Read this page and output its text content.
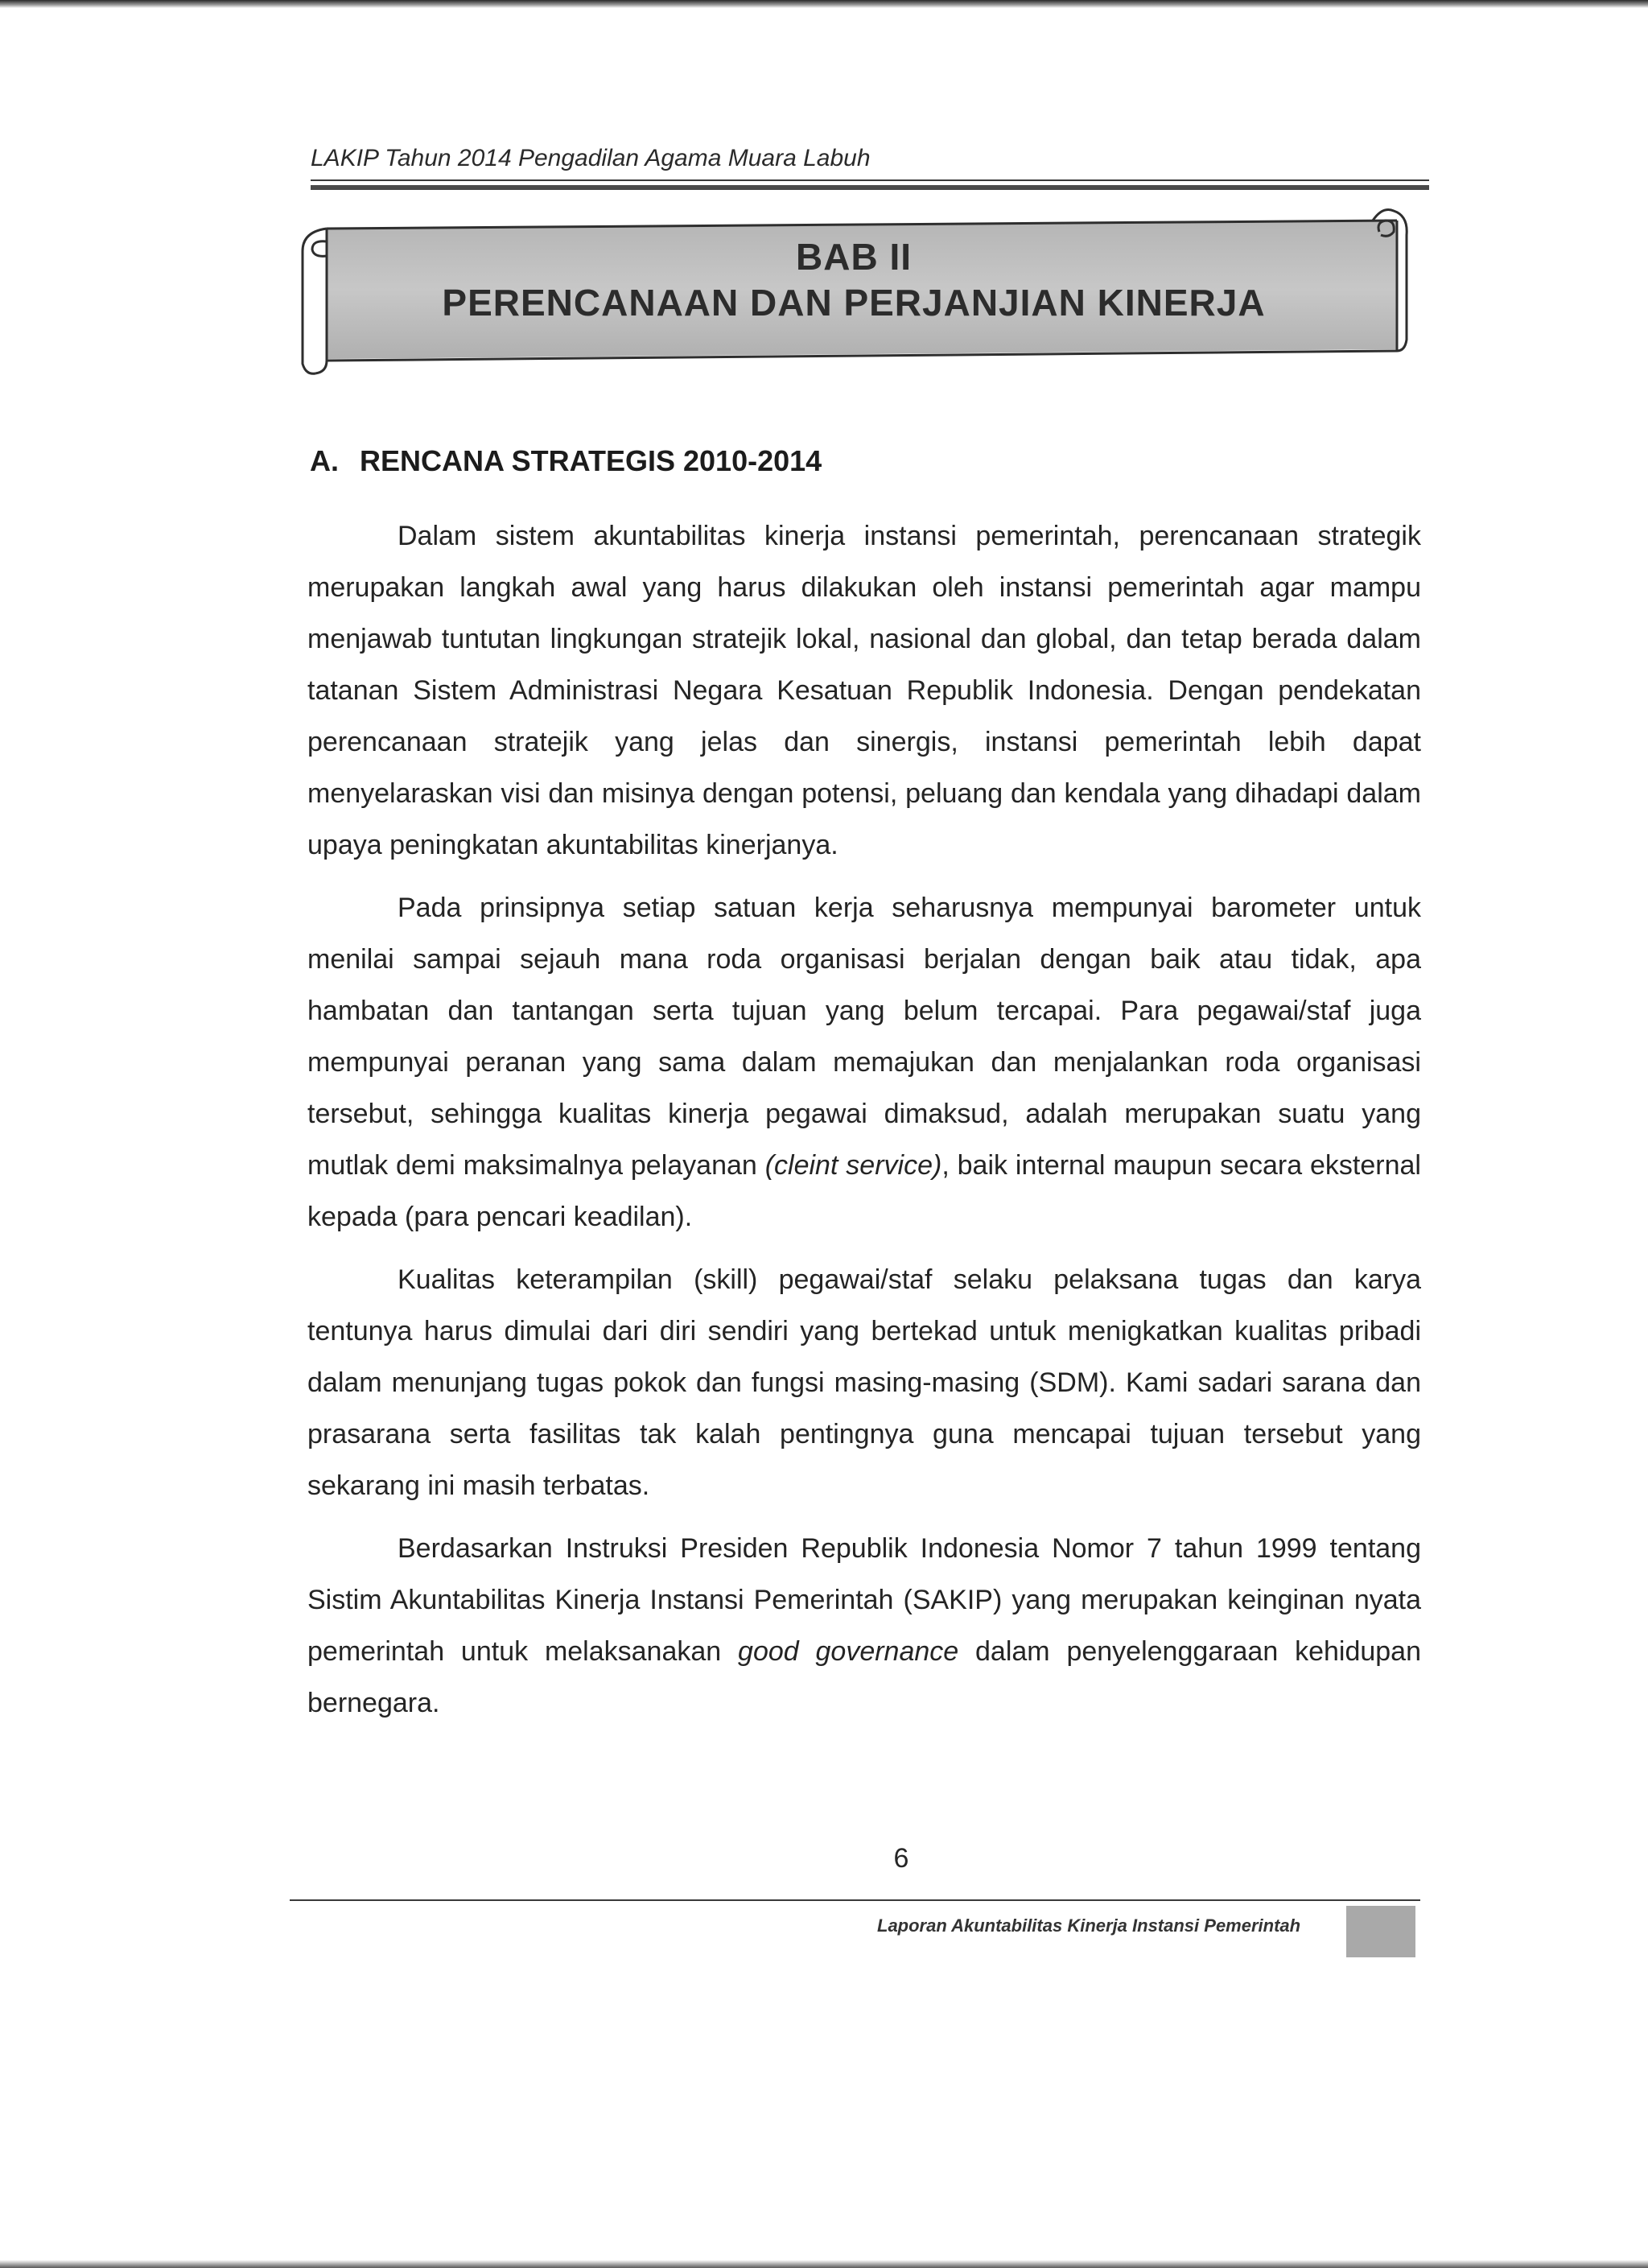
LAKIP Tahun 2014 Pengadilan Agama Muara Labuh
BAB II
PERENCANAAN DAN PERJANJIAN KINERJA
A. RENCANA STRATEGIS 2010-2014

Dalam sistem akuntabilitas kinerja instansi pemerintah, perencanaan strategik merupakan langkah awal yang harus dilakukan oleh instansi pemerintah agar mampu menjawab tuntutan lingkungan stratejik lokal, nasional dan global, dan tetap berada dalam tatanan Sistem Administrasi Negara Kesatuan Republik Indonesia. Dengan pendekatan perencanaan stratejik yang jelas dan sinergis, instansi pemerintah lebih dapat menyelaraskan visi dan misinya dengan potensi, peluang dan kendala yang dihadapi dalam upaya peningkatan akuntabilitas kinerjanya.

Pada prinsipnya setiap satuan kerja seharusnya mempunyai barometer untuk menilai sampai sejauh mana roda organisasi berjalan dengan baik atau tidak, apa hambatan dan tantangan serta tujuan yang belum tercapai. Para pegawai/staf juga mempunyai peranan yang sama dalam memajukan dan menjalankan roda organisasi tersebut, sehingga kualitas kinerja pegawai dimaksud, adalah merupakan suatu yang mutlak demi maksimalnya pelayanan (cleint service), baik internal maupun secara eksternal kepada (para pencari keadilan).

Kualitas keterampilan (skill) pegawai/staf selaku pelaksana tugas dan karya tentunya harus dimulai dari diri sendiri yang bertekad untuk menigkatkan kualitas pribadi dalam menunjang tugas pokok dan fungsi masing-masing (SDM). Kami sadari sarana dan prasarana serta fasilitas tak kalah pentingnya guna mencapai tujuan tersebut yang sekarang ini masih terbatas.

Berdasarkan Instruksi Presiden Republik Indonesia Nomor 7 tahun 1999 tentang Sistim Akuntabilitas Kinerja Instansi Pemerintah (SAKIP) yang merupakan keinginan nyata pemerintah untuk melaksanakan good governance dalam penyelenggaraan kehidupan bernegara.

6
Laporan Akuntabilitas Kinerja Instansi Pemerintah
